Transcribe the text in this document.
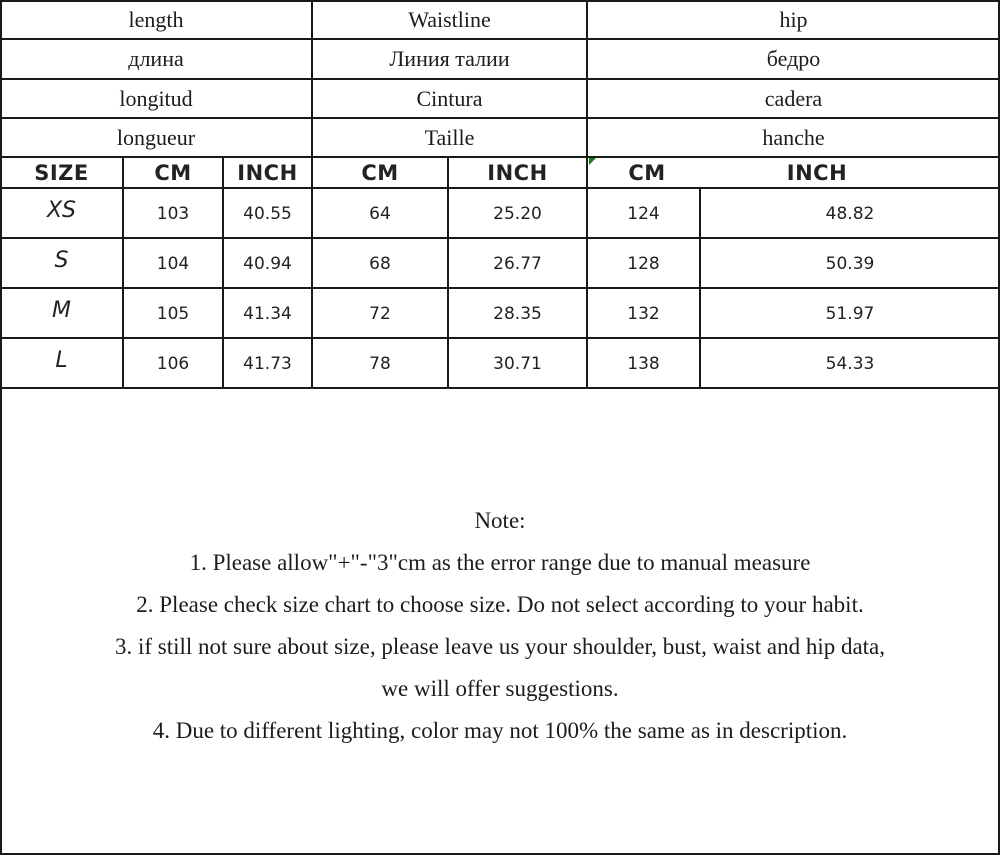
length	Waistline	hip
длина	Линия талии	бедро
longitud	Cintura	cadera
longueur	Taille	hanche
SIZE	CM	INCH	CM	INCH	CM	INCH
XS	103	40.55	64	25.20	124	48.82
S	104	40.94	68	26.77	128	50.39
M	105	41.34	72	28.35	132	51.97
L	106	41.73	78	30.71	138	54.33
Note:
1. Please allow"+"-"3"cm as the error range due to manual measure
2. Please check size chart to choose size. Do not select according to your habit.
3. if still not sure about size, please leave us your shoulder, bust, waist and hip data,
we will offer suggestions.
4. Due to different lighting, color may not 100% the same as in description.
